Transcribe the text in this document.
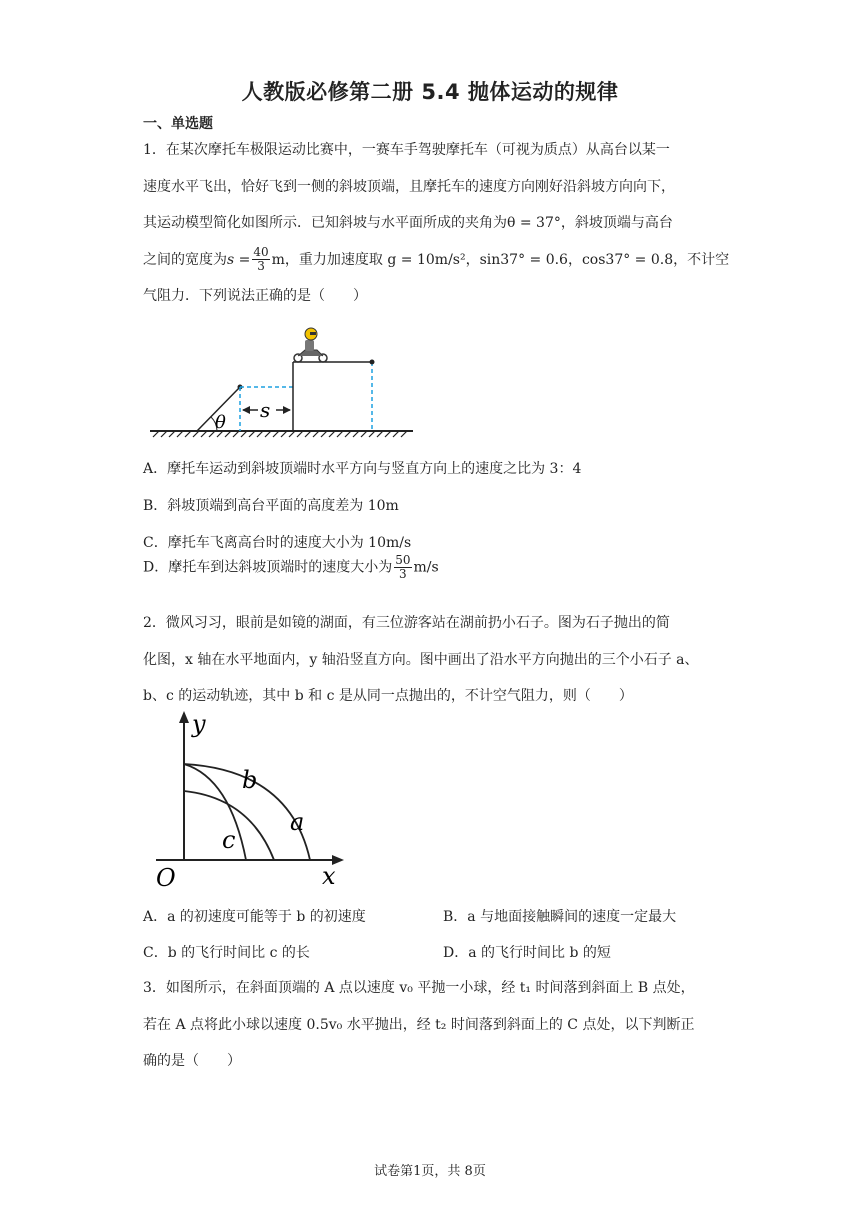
人教版必修第二册 5.4 抛体运动的规律
一、单选题
1．在某次摩托车极限运动比赛中，一赛车手驾驶摩托车（可视为质点）从高台以某一
速度水平飞出，恰好飞到一侧的斜坡顶端，且摩托车的速度方向刚好沿斜坡方向向下，
其运动模型简化如图所示．已知斜坡与水平面所成的夹角为θ = 37°，斜坡顶端与高台
之间的宽度为$s = \frac{40}{3}$ m，重力加速度取 g = 10m/s²，sin37° = 0.6，cos37° = 0.8，不计空
气阻力．下列说法正确的是（　　）
θ
s
A．摩托车运动到斜坡顶端时水平方向与竖直方向上的速度之比为 3：4
B．斜坡顶端到高台平面的高度差为 10m
C．摩托车飞离高台时的速度大小为 10m/s
D．摩托车到达斜坡顶端时的速度大小为 $\frac{50}{3} m/s$
2．微风习习，眼前是如镜的湖面，有三位游客站在湖前扔小石子。图为石子抛出的简
化图，x 轴在水平地面内，y 轴沿竖直方向。图中画出了沿水平方向抛出的三个小石子 a、
b、c 的运动轨迹，其中 b 和 c 是从同一点抛出的，不计空气阻力，则（　　）
y
x
O
b
a
c
A．a 的初速度可能等于 b 的初速度	B．a 与地面接触瞬间的速度一定最大
C．b 的飞行时间比 c 的长	D．a 的飞行时间比 b 的短
3．如图所示，在斜面顶端的 A 点以速度 v₀ 平抛一小球，经 t₁ 时间落到斜面上 B 点处，
若在 A 点将此小球以速度 0.5v₀ 水平抛出，经 t₂ 时间落到斜面上的 C 点处，以下判断正
确的是（　　）
试卷第1页，共 8页
